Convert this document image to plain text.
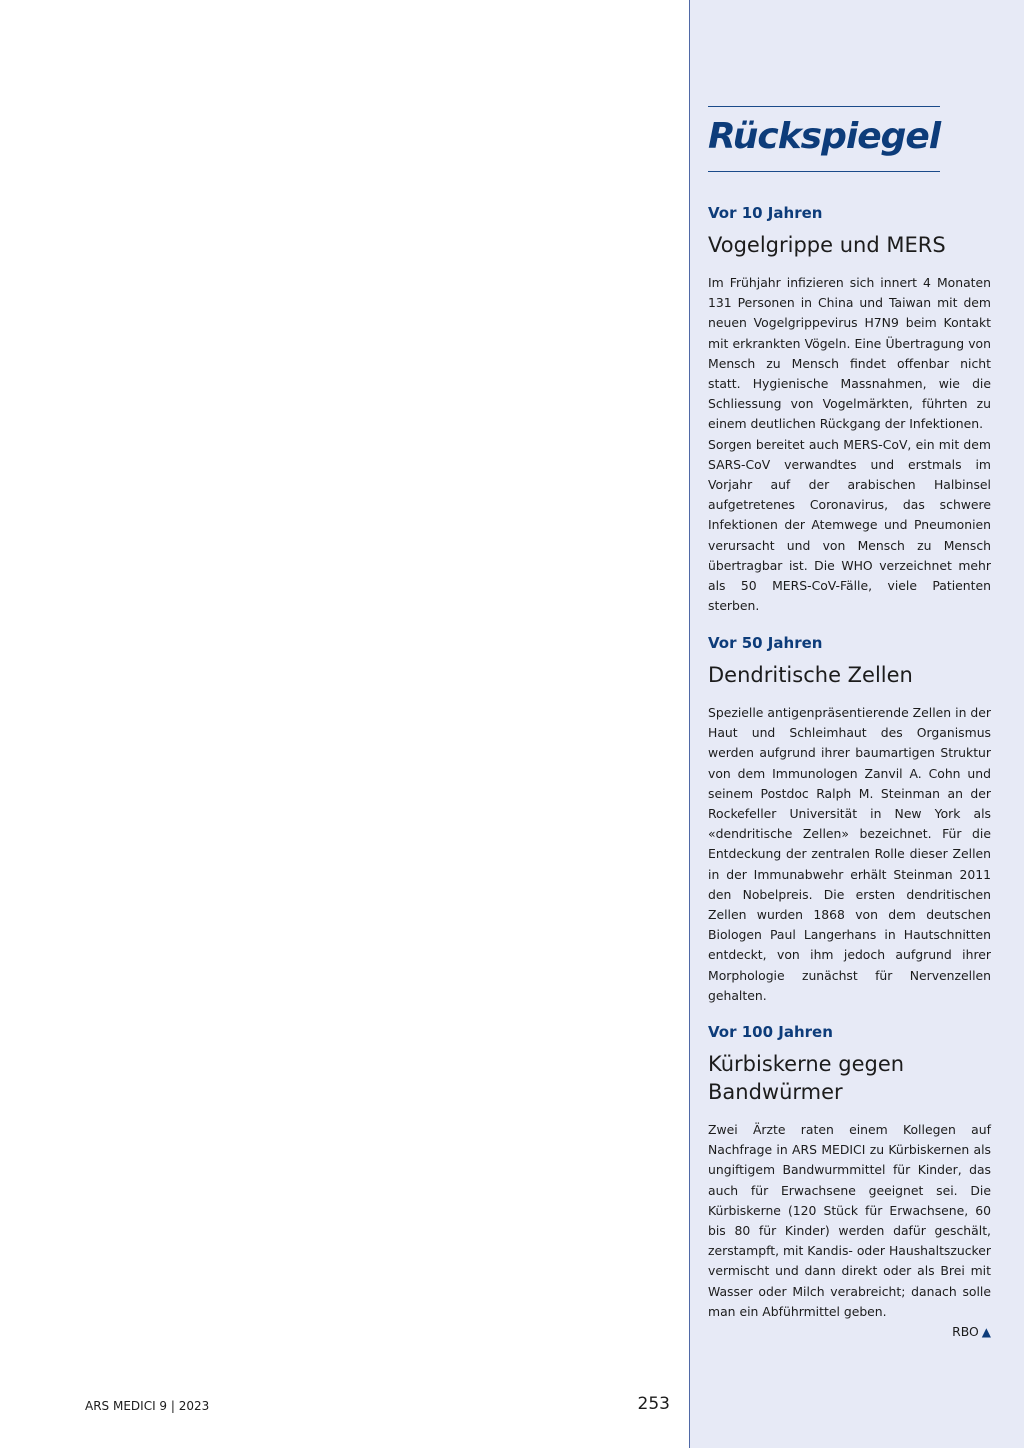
Rückspiegel

Vor 10 Jahren

Vogelgrippe und MERS

Im Frühjahr infizieren sich innert 4 Monaten 131 Personen in China und Taiwan mit dem neuen Vogelgrippevirus H7N9 beim Kontakt mit erkrankten Vögeln. Eine Übertragung von Mensch zu Mensch findet offenbar nicht statt. Hygienische Massnahmen, wie die Schliessung von Vogelmärkten, führten zu einem deutlichen Rückgang der Infektionen.

Sorgen bereitet auch MERS-CoV, ein mit dem SARS-CoV verwandtes und erstmals im Vorjahr auf der arabischen Halbinsel aufgetretenes Coronavirus, das schwere Infektionen der Atemwege und Pneumonien verursacht und von Mensch zu Mensch übertragbar ist. Die WHO verzeichnet mehr als 50 MERS-CoV-Fälle, viele Patienten sterben.

Vor 50 Jahren

Dendritische Zellen

Spezielle antigenpräsentierende Zellen in der Haut und Schleimhaut des Organismus werden aufgrund ihrer baumartigen Struktur von dem Immunologen Zanvil A. Cohn und seinem Postdoc Ralph M. Steinman an der Rockefeller Universität in New York als «dendritische Zellen» bezeichnet. Für die Entdeckung der zentralen Rolle dieser Zellen in der Immunabwehr erhält Steinman 2011 den Nobelpreis. Die ersten dendritischen Zellen wurden 1868 von dem deutschen Biologen Paul Langerhans in Hautschnitten entdeckt, von ihm jedoch aufgrund ihrer Morphologie zunächst für Nervenzellen gehalten.

Vor 100 Jahren

Kürbiskerne gegen Bandwürmer

Zwei Ärzte raten einem Kollegen auf Nachfrage in ARS MEDICI zu Kürbiskernen als ungiftigem Bandwurmmittel für Kinder, das auch für Erwachsene geeignet sei. Die Kürbiskerne (120 Stück für Erwachsene, 60 bis 80 für Kinder) werden dafür geschält, zerstampft, mit Kandis- oder Haushaltszucker vermischt und dann direkt oder als Brei mit Wasser oder Milch verabreicht; danach solle man ein Abführmittel geben.

RBO ▲
ARS MEDICI 9 | 2023	253
